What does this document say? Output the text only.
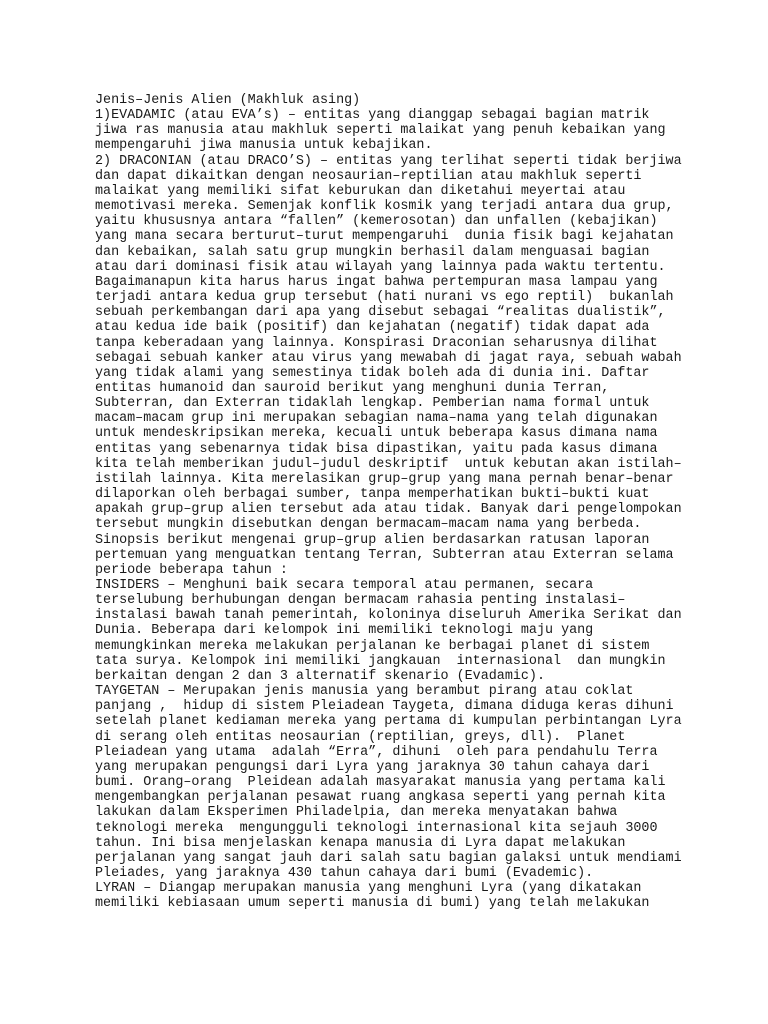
Jenis–Jenis Alien (Makhluk asing)
1)EVADAMIC (atau EVA’s) – entitas yang dianggap sebagai bagian matrik
jiwa ras manusia atau makhluk seperti malaikat yang penuh kebaikan yang
mempengaruhi jiwa manusia untuk kebajikan.
2) DRACONIAN (atau DRACO’S) – entitas yang terlihat seperti tidak berjiwa
dan dapat dikaitkan dengan neosaurian–reptilian atau makhluk seperti
malaikat yang memiliki sifat keburukan dan diketahui meyertai atau
memotivasi mereka. Semenjak konflik kosmik yang terjadi antara dua grup,
yaitu khususnya antara “fallen” (kemerosotan) dan unfallen (kebajikan)
yang mana secara berturut–turut mempengaruhi  dunia fisik bagi kejahatan
dan kebaikan, salah satu grup mungkin berhasil dalam menguasai bagian
atau dari dominasi fisik atau wilayah yang lainnya pada waktu tertentu.
Bagaimanapun kita harus harus ingat bahwa pertempuran masa lampau yang
terjadi antara kedua grup tersebut (hati nurani vs ego reptil)  bukanlah
sebuah perkembangan dari apa yang disebut sebagai “realitas dualistik”,
atau kedua ide baik (positif) dan kejahatan (negatif) tidak dapat ada
tanpa keberadaan yang lainnya. Konspirasi Draconian seharusnya dilihat
sebagai sebuah kanker atau virus yang mewabah di jagat raya, sebuah wabah
yang tidak alami yang semestinya tidak boleh ada di dunia ini. Daftar
entitas humanoid dan sauroid berikut yang menghuni dunia Terran,
Subterran, dan Exterran tidaklah lengkap. Pemberian nama formal untuk
macam–macam grup ini merupakan sebagian nama–nama yang telah digunakan
untuk mendeskripsikan mereka, kecuali untuk beberapa kasus dimana nama
entitas yang sebenarnya tidak bisa dipastikan, yaitu pada kasus dimana
kita telah memberikan judul–judul deskriptif  untuk kebutan akan istilah–
istilah lainnya. Kita merelasikan grup–grup yang mana pernah benar–benar
dilaporkan oleh berbagai sumber, tanpa memperhatikan bukti–bukti kuat
apakah grup–grup alien tersebut ada atau tidak. Banyak dari pengelompokan
tersebut mungkin disebutkan dengan bermacam–macam nama yang berbeda.
Sinopsis berikut mengenai grup–grup alien berdasarkan ratusan laporan
pertemuan yang menguatkan tentang Terran, Subterran atau Exterran selama
periode beberapa tahun :
INSIDERS – Menghuni baik secara temporal atau permanen, secara
terselubung berhubungan dengan bermacam rahasia penting instalasi–
instalasi bawah tanah pemerintah, koloninya diseluruh Amerika Serikat dan
Dunia. Beberapa dari kelompok ini memiliki teknologi maju yang
memungkinkan mereka melakukan perjalanan ke berbagai planet di sistem
tata surya. Kelompok ini memiliki jangkauan  internasional  dan mungkin
berkaitan dengan 2 dan 3 alternatif skenario (Evadamic).
TAYGETAN – Merupakan jenis manusia yang berambut pirang atau coklat
panjang ,  hidup di sistem Pleiadean Taygeta, dimana diduga keras dihuni
setelah planet kediaman mereka yang pertama di kumpulan perbintangan Lyra
di serang oleh entitas neosaurian (reptilian, greys, dll).  Planet
Pleiadean yang utama  adalah “Erra”, dihuni  oleh para pendahulu Terra
yang merupakan pengungsi dari Lyra yang jaraknya 30 tahun cahaya dari
bumi. Orang–orang  Pleidean adalah masyarakat manusia yang pertama kali
mengembangkan perjalanan pesawat ruang angkasa seperti yang pernah kita
lakukan dalam Eksperimen Philadelpia, dan mereka menyatakan bahwa
teknologi mereka  mengungguli teknologi internasional kita sejauh 3000
tahun. Ini bisa menjelaskan kenapa manusia di Lyra dapat melakukan
perjalanan yang sangat jauh dari salah satu bagian galaksi untuk mendiami
Pleiades, yang jaraknya 430 tahun cahaya dari bumi (Evademic).
LYRAN – Diangap merupakan manusia yang menghuni Lyra (yang dikatakan
memiliki kebiasaan umum seperti manusia di bumi) yang telah melakukan
